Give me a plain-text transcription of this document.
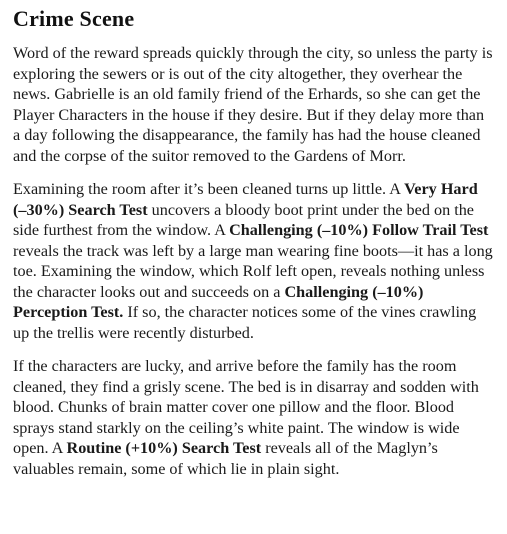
Crime Scene

Word of the reward spreads quickly through the city, so unless the party is exploring the sewers or is out of the city altogether, they overhear the news. Gabrielle is an old family friend of the Erhards, so she can get the Player Characters in the house if they desire. But if they delay more than a day following the disappearance, the family has had the house cleaned and the corpse of the suitor removed to the Gardens of Morr.

Examining the room after it’s been cleaned turns up little. A Very Hard (–30%) Search Test uncovers a bloody boot print under the bed on the side furthest from the window. A Challenging (–10%) Follow Trail Test reveals the track was left by a large man wearing fine boots—it has a long toe. Examining the window, which Rolf left open, reveals nothing unless the character looks out and succeeds on a Challenging (–10%) Perception Test. If so, the character notices some of the vines crawling up the trellis were recently disturbed.

If the characters are lucky, and arrive before the family has the room cleaned, they find a grisly scene. The bed is in disarray and sodden with blood. Chunks of brain matter cover one pillow and the floor. Blood sprays stand starkly on the ceiling’s white paint. The window is wide open. A Routine (+10%) Search Test reveals all of the Maglyn’s valuables remain, some of which lie in plain sight.
